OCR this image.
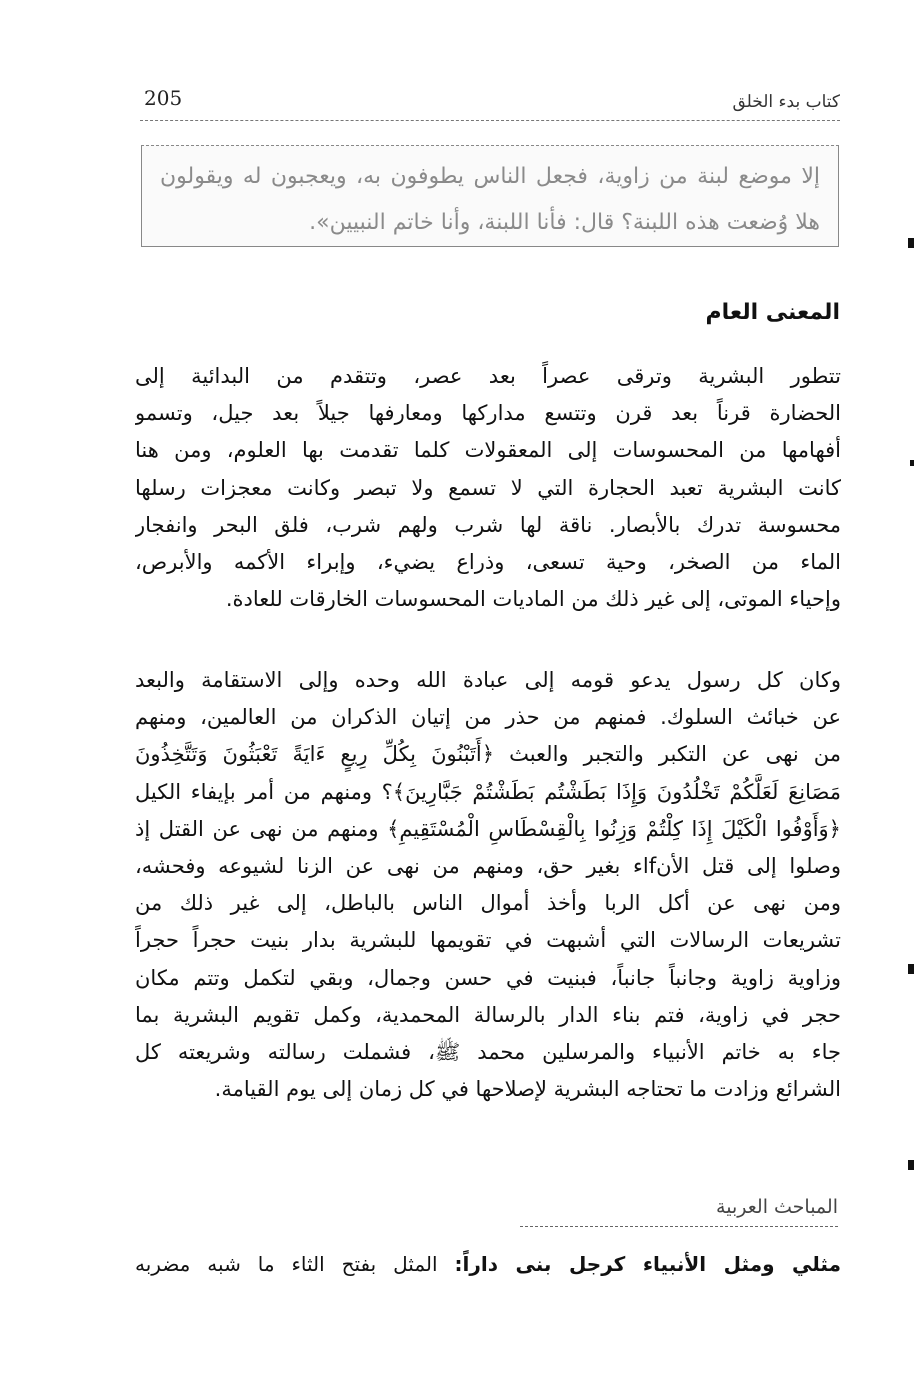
205	كتاب بدء الخلق
إلا موضع لبنة من زاوية، فجعل الناس يطوفون به، ويعجبون له ويقولون
هلا وُضعت هذه اللبنة؟ قال: فأنا اللبنة، وأنا خاتم النبيين».
المعنى العام
تتطور البشرية وترقى عصراً بعد عصر، وتتقدم من البدائية إلى
الحضارة قرناً بعد قرن وتتسع مداركها ومعارفها جيلاً بعد جيل، وتسمو
أفهامها من المحسوسات إلى المعقولات كلما تقدمت بها العلوم، ومن هنا
كانت البشرية تعبد الحجارة التي لا تسمع ولا تبصر وكانت معجزات رسلها
محسوسة تدرك بالأبصار. ناقة لها شرب ولهم شرب، فلق البحر وانفجار
الماء من الصخر، وحية تسعى، وذراع يضيء، وإبراء الأكمه والأبرص،
وإحياء الموتى، إلى غير ذلك من الماديات المحسوسات الخارقات للعادة.
وكان كل رسول يدعو قومه إلى عبادة الله وحده وإلى الاستقامة والبعد
عن خبائث السلوك. فمنهم من حذر من إتيان الذكران من العالمين، ومنهم
من نهى عن التكبر والتجبر والعبث ﴿أَتَبْنُونَ بِكُلِّ رِيعٍ ءَايَةً تَعْبَثُونَ وَتَتَّخِذُونَ
مَصَانِعَ لَعَلَّكُمْ تَخْلُدُونَ وَإِذَا بَطَشْتُم بَطَشْتُمْ جَبَّارِينَ﴾؟ ومنهم من أمر بإيفاء الكيل
﴿وَأَوْفُوا الْكَيْلَ إِذَا كِلْتُمْ وَزِنُوا بِالْقِسْطَاسِ الْمُسْتَقِيمِ﴾ ومنهم من نهى عن القتل إذ
وصلوا إلى قتل الأنfاء بغير حق، ومنهم من نهى عن الزنا لشيوعه وفحشه،
ومن نهى عن أكل الربا وأخذ أموال الناس بالباطل، إلى غير ذلك من
تشريعات الرسالات التي أشبهت في تقويمها للبشرية بدار بنيت حجراً حجراً
وزاوية زاوية وجانباً جانباً، فبنيت في حسن وجمال، وبقي لتكمل وتتم مكان
حجر في زاوية، فتم بناء الدار بالرسالة المحمدية، وكمل تقويم البشرية بما
جاء به خاتم الأنبياء والمرسلين محمد ﷺ، فشملت رسالته وشريعته كل
الشرائع وزادت ما تحتاجه البشرية لإصلاحها في كل زمان إلى يوم القيامة.
المباحث العربية
مثلي ومثل الأنبياء كرجل بنى داراً: المثل بفتح الثاء ما شبه مضربه
